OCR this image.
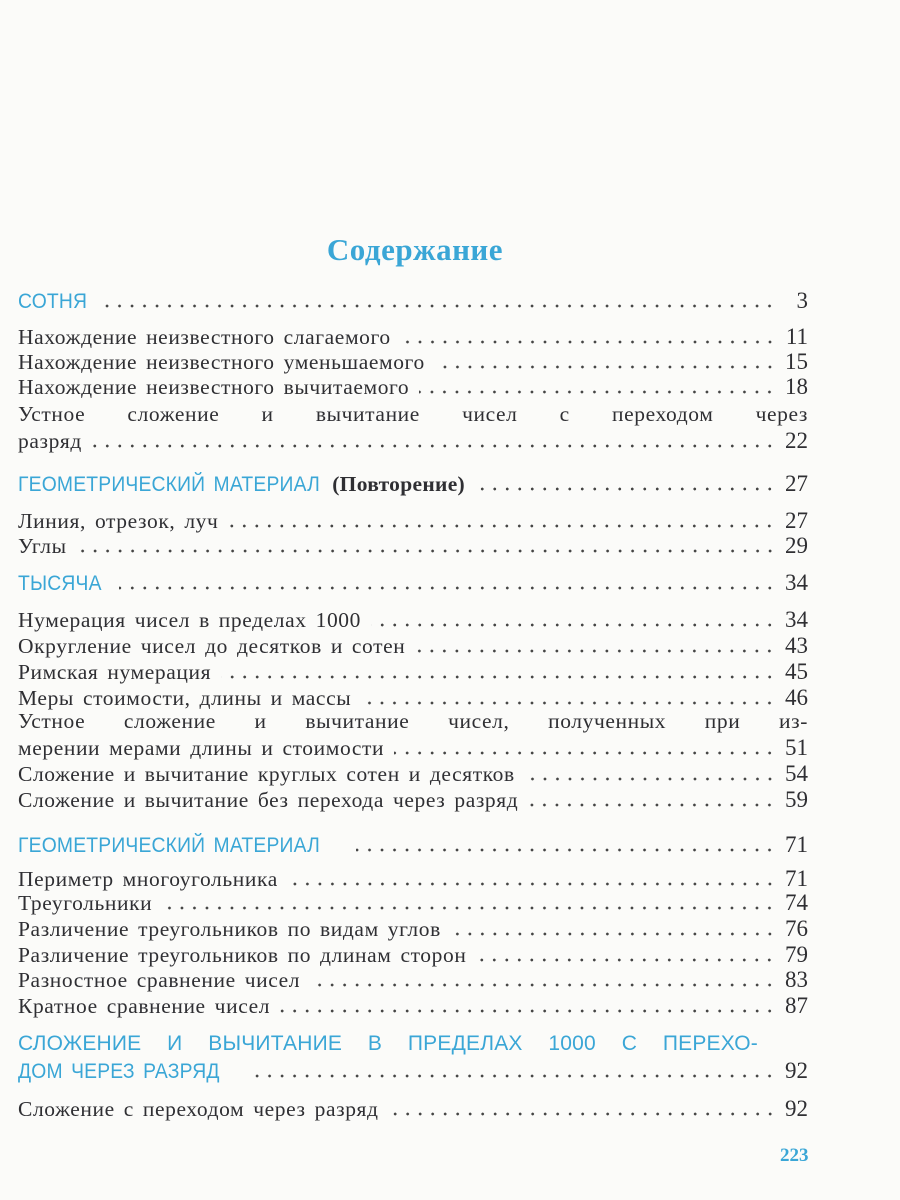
Содержание
СОТНЯ	3
Нахождение неизвестного слагаемого	11
Нахождение неизвестного уменьшаемого	15
Нахождение неизвестного вычитаемого	18
Устное сложение и вычитание чисел с переходом через
разряд	22
ГЕОМЕТРИЧЕСКИЙ МАТЕРИАЛ (Повторение)	27
Линия, отрезок, луч	27
Углы	29
ТЫСЯЧА	34
Нумерация чисел в пределах 1000	34
Округление чисел до десятков и сотен	43
Римская нумерация	45
Меры стоимости, длины и массы	46
Устное сложение и вычитание чисел, полученных при из-
мерении мерами длины и стоимости	51
Сложение и вычитание круглых сотен и десятков	54
Сложение и вычитание без перехода через разряд	59
ГЕОМЕТРИЧЕСКИЙ МАТЕРИАЛ	71
Периметр многоугольника	71
Треугольники	74
Различение треугольников по видам углов	76
Различение треугольников по длинам сторон	79
Разностное сравнение чисел	83
Кратное сравнение чисел	87
СЛОЖЕНИЕ И ВЫЧИТАНИЕ В ПРЕДЕЛАХ 1000 С ПЕРЕХО-
ДОМ ЧЕРЕЗ РАЗРЯД	92
Сложение с переходом через разряд	92
223
